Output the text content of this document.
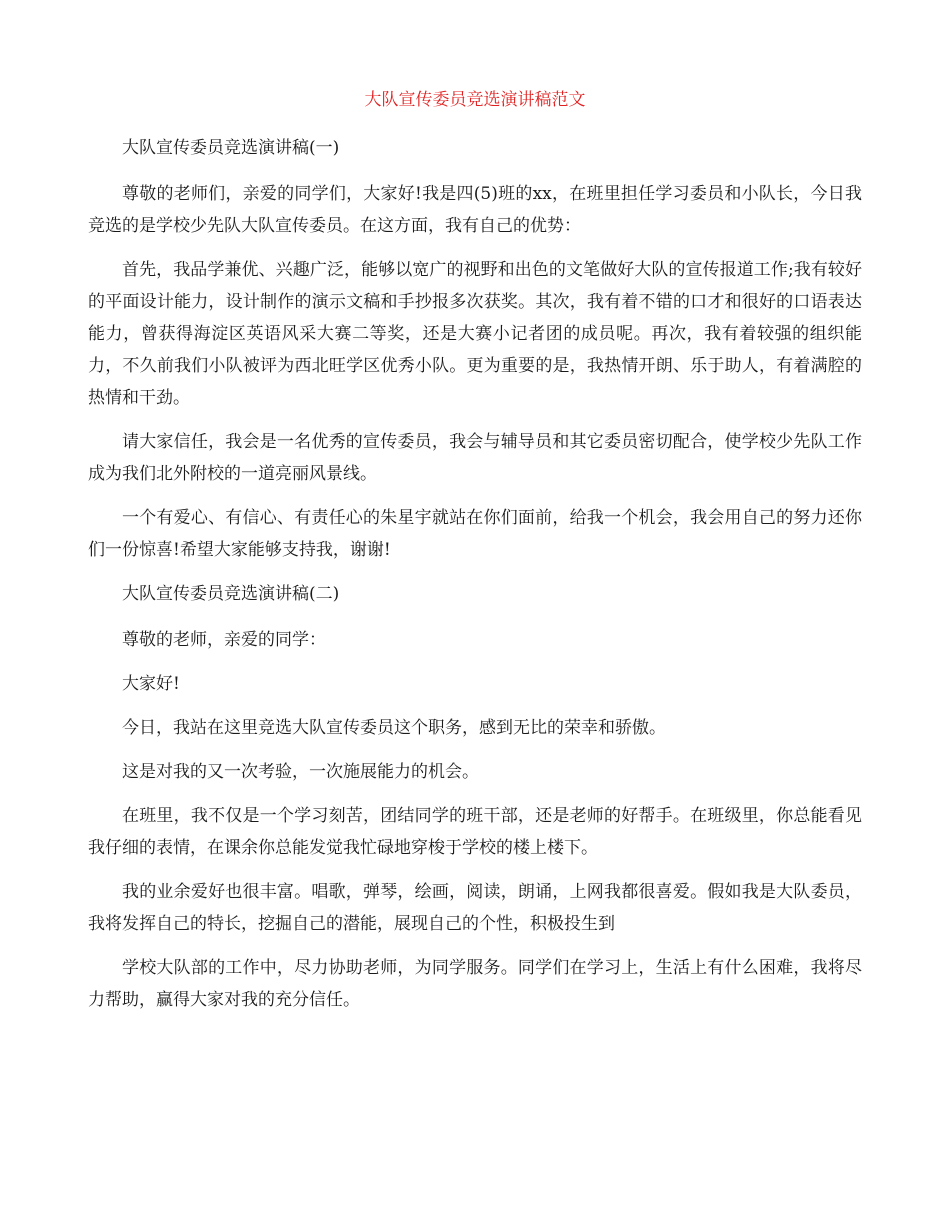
大队宣传委员竞选演讲稿范文

大队宣传委员竞选演讲稿(一)

尊敬的老师们，亲爱的同学们，大家好!我是四(5)班的xx，在班里担任学习委员和小队长，今日我竞选的是学校少先队大队宣传委员。在这方面，我有自己的优势：

首先，我品学兼优、兴趣广泛，能够以宽广的视野和出色的文笔做好大队的宣传报道工作;我有较好的平面设计能力，设计制作的演示文稿和手抄报多次获奖。其次，我有着不错的口才和很好的口语表达能力，曾获得海淀区英语风采大赛二等奖，还是大赛小记者团的成员呢。再次，我有着较强的组织能力，不久前我们小队被评为西北旺学区优秀小队。更为重要的是，我热情开朗、乐于助人，有着满腔的热情和干劲。

请大家信任，我会是一名优秀的宣传委员，我会与辅导员和其它委员密切配合，使学校少先队工作成为我们北外附校的一道亮丽风景线。

一个有爱心、有信心、有责任心的朱星宇就站在你们面前，给我一个机会，我会用自己的努力还你们一份惊喜!希望大家能够支持我，谢谢!

大队宣传委员竞选演讲稿(二)

尊敬的老师，亲爱的同学：

大家好!

今日，我站在这里竞选大队宣传委员这个职务，感到无比的荣幸和骄傲。

这是对我的又一次考验，一次施展能力的机会。

在班里，我不仅是一个学习刻苦，团结同学的班干部，还是老师的好帮手。在班级里，你总能看见我仔细的表情，在课余你总能发觉我忙碌地穿梭于学校的楼上楼下。

我的业余爱好也很丰富。唱歌，弹琴，绘画，阅读，朗诵，上网我都很喜爱。假如我是大队委员，我将发挥自己的特长，挖掘自己的潜能，展现自己的个性，积极投生到

学校大队部的工作中，尽力协助老师，为同学服务。同学们在学习上，生活上有什么困难，我将尽力帮助，赢得大家对我的充分信任。
